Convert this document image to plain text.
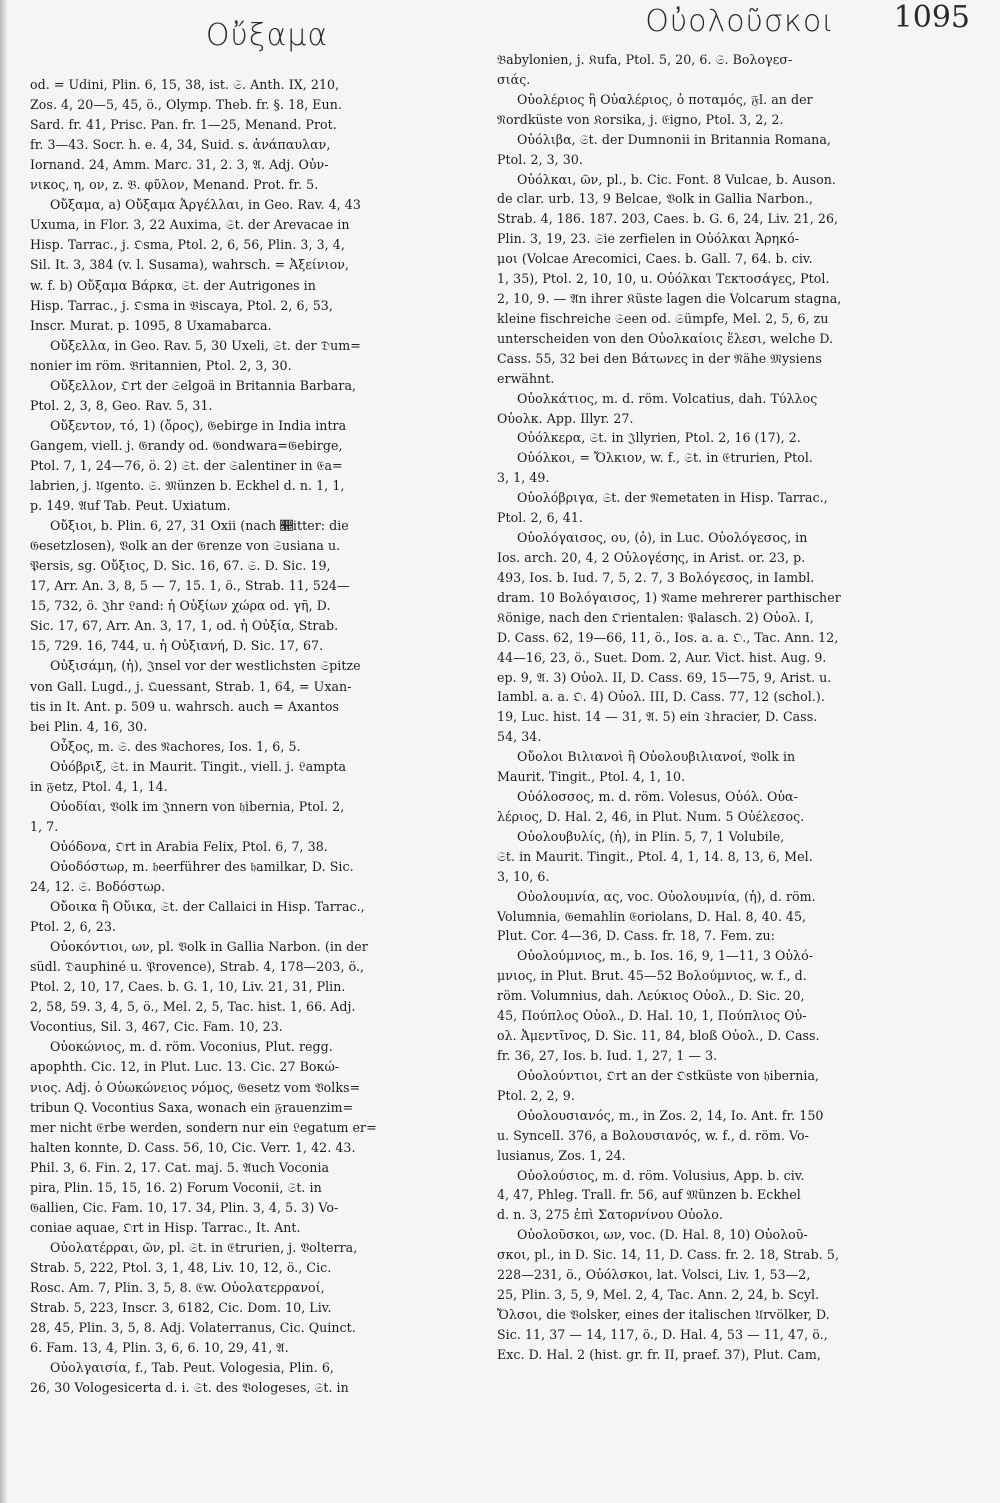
Οὔξαμα	Οὐολοῦσκοι	1095
od. = Udini, Plin. 6, 15, 38, ist. 𝔖. Anth. IX, 210,
Zos. 4, 20—5, 45, ö., Olymp. Theb. fr. §. 18, Eun.
Sard. fr. 41, Prisc. Pan. fr. 1—25, Menand. Prot.
fr. 3—43. Socr. h. e. 4, 34, Suid. s. ἀνάπαυλαν,
Iornand. 24, Amm. Marc. 31, 2. 3, 𝔄. Adj. Οὐν-
νικος, η, ον, z. 𝔅. φῦλον, Menand. Prot. fr. 5.
Οὔξαμα, a) Οὔξαμα Ἀργέλλαι, in Geo. Rav. 4, 43
Uxuma, in Flor. 3, 22 Auxima, 𝔖t. der Arevacae in
Hisp. Tarrac., j. 𝔒sma, Ptol. 2, 6, 56, Plin. 3, 3, 4,
Sil. It. 3, 384 (v. l. Susama), wahrsch. = Ἀξείνιον,
w. f. b) Οὔξαμα Βάρκα, 𝔖t. der Autrigones in
Hisp. Tarrac., j. 𝔒sma in 𝔅iscaya, Ptol. 2, 6, 53,
Inscr. Murat. p. 1095, 8 Uxamabarca.
Οὔξελλα, in Geo. Rav. 5, 30 Uxeli, 𝔖t. der 𝔇um=
nonier im röm. 𝔅ritannien, Ptol. 2, 3, 30.
Οὔξελλον, 𝔒rt der 𝔖elgoä in Britannia Barbara,
Ptol. 2, 3, 8, Geo. Rav. 5, 31.
Οὔξεντον, τό, 1) (ὄρος), 𝔊ebirge in India intra
Gangem, viell. j. 𝔊randy od. 𝔊ondwara=𝔊ebirge,
Ptol. 7, 1, 24—76, ö. 2) 𝔖t. der 𝔖alentiner in 𝔈a=
labrien, j. 𝔘gento. 𝔖. 𝔐ünzen b. Eckhel d. n. 1, 1,
p. 149. 𝔄uf Tab. Peut. Uxiatum.
Οὔξιοι, b. Plin. 6, 27, 31 Oxii (nach 𝔕itter: die
𝔊esetzlosen), 𝔙olk an der 𝔊renze von 𝔖usiana u.
𝔓ersis, sg. Οὔξιος, D. Sic. 16, 67. 𝔖. D. Sic. 19,
17, Arr. An. 3, 8, 5 — 7, 15. 1, ö., Strab. 11, 524—
15, 732, ö. 𝔍hr 𝔏and: ἡ Οὐξίων χώρα od. γῆ, D.
Sic. 17, 67, Arr. An. 3, 17, 1, od. ἡ Οὐξία, Strab.
15, 729. 16, 744, u. ἡ Οὐξιανή, D. Sic. 17, 67.
Οὐξισάμη, (ἡ), 𝔍nsel vor der westlichsten 𝔖pitze
von Gall. Lugd., j. 𝔔uessant, Strab. 1, 64, = Uxan-
tis in It. Ant. p. 509 u. wahrsch. auch = Axantos
bei Plin. 4, 16, 30.
Οὖξος, m. 𝔖. des 𝔑achores, Ios. 1, 6, 5.
Οὐόβριξ, 𝔖t. in Maurit. Tingit., viell. j. 𝔏ampta
in 𝔉etz, Ptol. 4, 1, 14.
Οὐοδίαι, 𝔙olk im 𝔍nnern von 𝔥ibernia, Ptol. 2,
1, 7.
Οὐόδονα, 𝔒rt in Arabia Felix, Ptol. 6, 7, 38.
Οὐοδόστωρ, m. 𝔥eerführer des 𝔥amilkar, D. Sic.
24, 12. 𝔖. Βοδόστωρ.
Οὔοικα ἢ Οὔικα, 𝔖t. der Callaici in Hisp. Tarrac.,
Ptol. 2, 6, 23.
Οὐοκόντιοι, ων, pl. 𝔙olk in Gallia Narbon. (in der
südl. 𝔇auphiné u. 𝔓rovence), Strab. 4, 178—203, ö.,
Ptol. 2, 10, 17, Caes. b. G. 1, 10, Liv. 21, 31, Plin.
2, 58, 59. 3, 4, 5, ö., Mel. 2, 5, Tac. hist. 1, 66. Adj.
Vocontius, Sil. 3, 467, Cic. Fam. 10, 23.
Οὐοκώνιος, m. d. röm. Voconius, Plut. regg.
apophth. Cic. 12, in Plut. Luc. 13. Cic. 27 Βοκώ-
νιος. Adj. ὁ Οὐωκώνειος νόμος, 𝔊esetz vom 𝔙olks=
tribun Q. Vocontius Saxa, wonach ein 𝔉rauenzim=
mer nicht 𝔈rbe werden, sondern nur ein 𝔏egatum er=
halten konnte, D. Cass. 56, 10, Cic. Verr. 1, 42. 43.
Phil. 3, 6. Fin. 2, 17. Cat. maj. 5. 𝔄uch Voconia
pira, Plin. 15, 15, 16. 2) Forum Voconii, 𝔖t. in
𝔊allien, Cic. Fam. 10, 17. 34, Plin. 3, 4, 5. 3) Vo-
coniae aquae, 𝔒rt in Hisp. Tarrac., It. Ant.
Οὐολατέρραι, ῶν, pl. 𝔖t. in 𝔈trurien, j. 𝔙olterra,
Strab. 5, 222, Ptol. 3, 1, 48, Liv. 10, 12, ö., Cic.
Rosc. Am. 7, Plin. 3, 5, 8. 𝔈w. Οὐολατερρανοί,
Strab. 5, 223, Inscr. 3, 6182, Cic. Dom. 10, Liv.
28, 45, Plin. 3, 5, 8. Adj. Volaterranus, Cic. Quinct.
6. Fam. 13, 4, Plin. 3, 6, 6. 10, 29, 41, 𝔄.
Οὐολγαισία, f., Tab. Peut. Vologesia, Plin. 6,
26, 30 Vologesicerta d. i. 𝔖t. des 𝔙ologeses, 𝔖t. in
𝔅abylonien, j. 𝔎ufa, Ptol. 5, 20, 6. 𝔖. Βολογεσ-
σιάς.
Οὐολέριος ἢ Οὐαλέριος, ὁ ποταμός, 𝔉l. an der
𝔑ordküste von 𝔎orsika, j. 𝔈igno, Ptol. 3, 2, 2.
Οὐόλιβα, 𝔖t. der Dumnonii in Britannia Romana,
Ptol. 2, 3, 30.
Οὐόλκαι, ῶν, pl., b. Cic. Font. 8 Vulcae, b. Auson.
de clar. urb. 13, 9 Belcae, 𝔙olk in Gallia Narbon.,
Strab. 4, 186. 187. 203, Caes. b. G. 6, 24, Liv. 21, 26,
Plin. 3, 19, 23. 𝔖ie zerfielen in Οὐόλκαι Ἀρηκό-
μοι (Volcae Arecomici, Caes. b. Gall. 7, 64. b. civ.
1, 35), Ptol. 2, 10, 10, u. Οὐόλκαι Τεκτοσάγες, Ptol.
2, 10, 9. — 𝔄n ihrer 𝔎üste lagen die Volcarum stagna,
kleine fischreiche 𝔖een od. 𝔖ümpfe, Mel. 2, 5, 6, zu
unterscheiden von den Οὐολκαίοις ἕλεσι, welche D.
Cass. 55, 32 bei den Βάτωνες in der 𝔑ähe 𝔐ysiens
erwähnt.
Οὐολκάτιος, m. d. röm. Volcatius, dah. Τύλλος
Οὐολκ. App. Illyr. 27.
Οὐόλκερα, 𝔖t. in 𝔍llyrien, Ptol. 2, 16 (17), 2.
Οὐόλκοι, = Ὄλκιον, w. f., 𝔖t. in 𝔈trurien, Ptol.
3, 1, 49.
Οὐολόβριγα, 𝔖t. der 𝔑emetaten in Hisp. Tarrac.,
Ptol. 2, 6, 41.
Οὐολόγαισος, ου, (ὁ), in Luc. Οὐολόγεσος, in
Ios. arch. 20, 4, 2 Οὐλογέσης, in Arist. or. 23, p.
493, Ios. b. Iud. 7, 5, 2. 7, 3 Βολόγεσος, in Iambl.
dram. 10 Βολόγαισος, 1) 𝔑ame mehrerer parthischer
𝔎önige, nach den 𝔒rientalen: 𝔓alasch. 2) Οὐολ. I,
D. Cass. 62, 19—66, 11, ö., Ios. a. a. 𝔒., Tac. Ann. 12,
44—16, 23, ö., Suet. Dom. 2, Aur. Vict. hist. Aug. 9.
ep. 9, 𝔄. 3) Οὐολ. II, D. Cass. 69, 15—75, 9, Arist. u.
Iambl. a. a. 𝔒. 4) Οὐολ. III, D. Cass. 77, 12 (schol.).
19, Luc. hist. 14 — 31, 𝔄. 5) ein 𝔗hracier, D. Cass.
54, 34.
Οὔολοι Βιλιανοὶ ἢ Οὐολουβιλιανοί, 𝔙olk in
Maurit. Tingit., Ptol. 4, 1, 10.
Οὐόλοσσος, m. d. röm. Volesus, Οὐόλ. Οὐα-
λέριος, D. Hal. 2, 46, in Plut. Num. 5 Οὐέλεσος.
Οὐολουβυλίς, (ἡ), in Plin. 5, 7, 1 Volubile,
𝔖t. in Maurit. Tingit., Ptol. 4, 1, 14. 8, 13, 6, Mel.
3, 10, 6.
Οὐολουμνία, ας, voc. Οὐολουμνία, (ἡ), d. röm.
Volumnia, 𝔊emahlin 𝔈oriolans, D. Hal. 8, 40. 45,
Plut. Cor. 4—36, D. Cass. fr. 18, 7. Fem. zu:
Οὐολούμνιος, m., b. Ios. 16, 9, 1—11, 3 Οὐλό-
μνιος, in Plut. Brut. 45—52 Βολούμνιος, w. f., d.
röm. Volumnius, dah. Λεύκιος Οὐολ., D. Sic. 20,
45, Πούπλος Οὐολ., D. Hal. 10, 1, Πούπλιος Οὐ-
ολ. Ἀμεντῖνος, D. Sic. 11, 84, bloß Οὐολ., D. Cass.
fr. 36, 27, Ios. b. Iud. 1, 27, 1 — 3.
Οὐολούντιοι, 𝔒rt an der 𝔒stküste von 𝔥ibernia,
Ptol. 2, 2, 9.
Οὐολουσιανός, m., in Zos. 2, 14, Io. Ant. fr. 150
u. Syncell. 376, a Βολουσιανός, w. f., d. röm. Vo-
lusianus, Zos. 1, 24.
Οὐολούσιος, m. d. röm. Volusius, App. b. civ.
4, 47, Phleg. Trall. fr. 56, auf 𝔐ünzen b. Eckhel
d. n. 3, 275 ἐπὶ Σατορνίνου Οὐολο.
Οὐολοῦσκοι, ων, voc. (D. Hal. 8, 10) Οὐολοῦ-
σκοι, pl., in D. Sic. 14, 11, D. Cass. fr. 2. 18, Strab. 5,
228—231, ö., Οὐόλσκοι, lat. Volsci, Liv. 1, 53—2,
25, Plin. 3, 5, 9, Mel. 2, 4, Tac. Ann. 2, 24, b. Scyl.
Ὄλσοι, die 𝔙olsker, eines der italischen 𝔘rvölker, D.
Sic. 11, 37 — 14, 117, ö., D. Hal. 4, 53 — 11, 47, ö.,
Exc. D. Hal. 2 (hist. gr. fr. II, praef. 37), Plut. Cam,
